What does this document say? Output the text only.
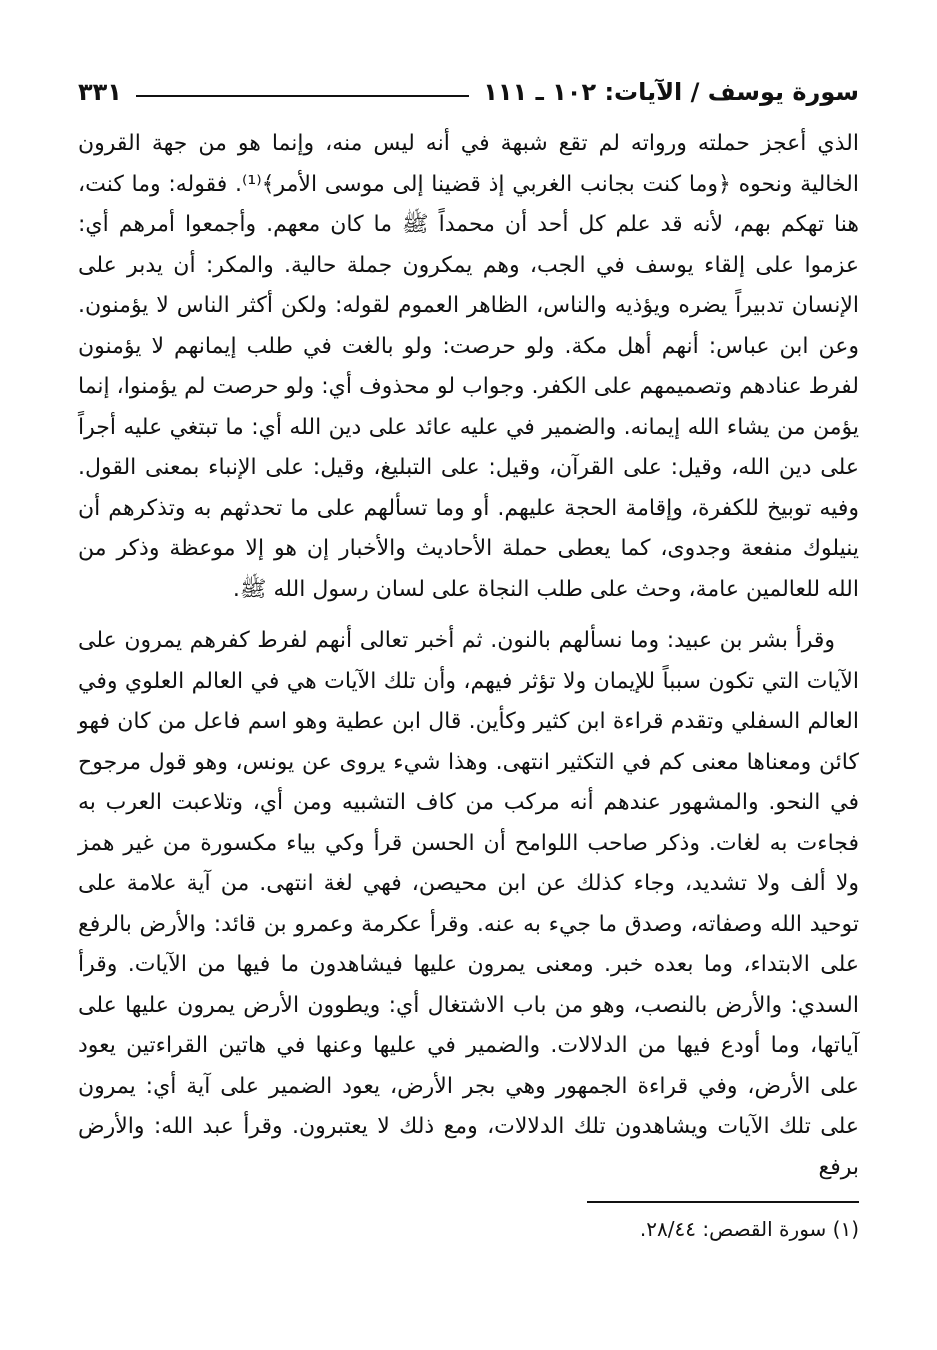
سورة يوسف / الآيات: ١٠٢ ـ ١١١
٣٣١

الذي أعجز حملته ورواته لم تقع شبهة في أنه ليس منه، وإنما هو من جهة القرون الخالية ونحوه ﴿وما كنت بجانب الغربي إذ قضينا إلى موسى الأمر﴾⁽¹⁾. فقوله: وما كنت، هنا تهكم بهم، لأنه قد علم كل أحد أن محمداً ﷺ ما كان معهم. وأجمعوا أمرهم أي: عزموا على إلقاء يوسف في الجب، وهم يمكرون جملة حالية. والمكر: أن يدبر على الإنسان تدبيراً يضره ويؤذيه والناس، الظاهر العموم لقوله: ولكن أكثر الناس لا يؤمنون. وعن ابن عباس: أنهم أهل مكة. ولو حرصت: ولو بالغت في طلب إيمانهم لا يؤمنون لفرط عنادهم وتصميمهم على الكفر. وجواب لو محذوف أي: ولو حرصت لم يؤمنوا، إنما يؤمن من يشاء الله إيمانه. والضمير في عليه عائد على دين الله أي: ما تبتغي عليه أجراً على دين الله، وقيل: على القرآن، وقيل: على التبليغ، وقيل: على الإنباء بمعنى القول. وفيه توبيخ للكفرة، وإقامة الحجة عليهم. أو وما تسألهم على ما تحدثهم به وتذكرهم أن ينيلوك منفعة وجدوى، كما يعطى حملة الأحاديث والأخبار إن هو إلا موعظة وذكر من الله للعالمين عامة، وحث على طلب النجاة على لسان رسول الله ﷺ.

وقرأ بشر بن عبيد: وما نسألهم بالنون. ثم أخبر تعالى أنهم لفرط كفرهم يمرون على الآيات التي تكون سبباً للإيمان ولا تؤثر فيهم، وأن تلك الآيات هي في العالم العلوي وفي العالم السفلي وتقدم قراءة ابن كثير وكأين. قال ابن عطية وهو اسم فاعل من كان فهو كائن ومعناها معنى كم في التكثير انتهى. وهذا شيء يروى عن يونس، وهو قول مرجوح في النحو. والمشهور عندهم أنه مركب من كاف التشبيه ومن أي، وتلاعبت العرب به فجاءت به لغات. وذكر صاحب اللوامح أن الحسن قرأ وكي بياء مكسورة من غير همز ولا ألف ولا تشديد، وجاء كذلك عن ابن محيصن، فهي لغة انتهى. من آية علامة على توحيد الله وصفاته، وصدق ما جيء به عنه. وقرأ عكرمة وعمرو بن قائد: والأرض بالرفع على الابتداء، وما بعده خبر. ومعنى يمرون عليها فيشاهدون ما فيها من الآيات. وقرأ السدي: والأرض بالنصب، وهو من باب الاشتغال أي: ويطوون الأرض يمرون عليها على آياتها، وما أودع فيها من الدلالات. والضمير في عليها وعنها في هاتين القراءتين يعود على الأرض، وفي قراءة الجمهور وهي بجر الأرض، يعود الضمير على آية أي: يمرون على تلك الآيات ويشاهدون تلك الدلالات، ومع ذلك لا يعتبرون. وقرأ عبد الله: والأرض برفع

(١) سورة القصص: ٢٨/٤٤.
